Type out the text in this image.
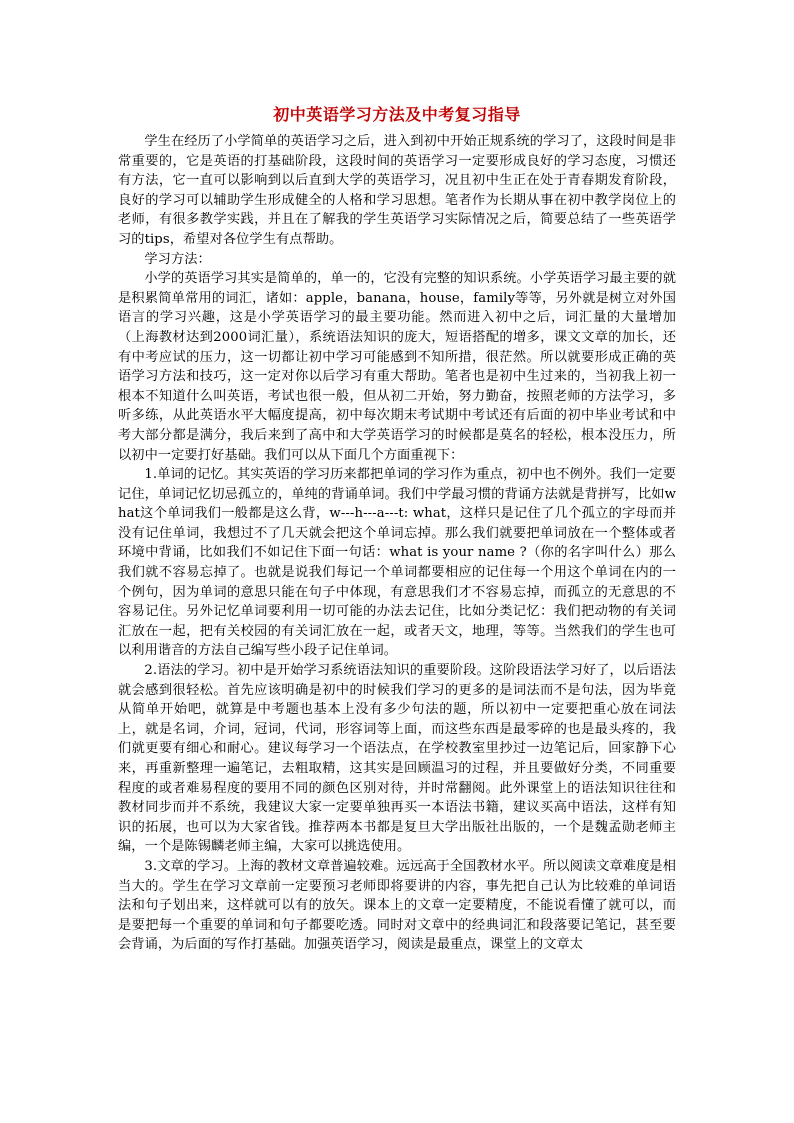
初中英语学习方法及中考复习指导

学生在经历了小学简单的英语学习之后，进入到初中开始正规系统的学习了，这段时间是非常重要的，它是英语的打基础阶段，这段时间的英语学习一定要形成良好的学习态度，习惯还有方法，它一直可以影响到以后直到大学的英语学习，况且初中生正在处于青春期发育阶段，良好的学习可以辅助学生形成健全的人格和学习思想。笔者作为长期从事在初中教学岗位上的老师，有很多教学实践，并且在了解我的学生英语学习实际情况之后，简要总结了一些英语学习的tips，希望对各位学生有点帮助。

学习方法：

小学的英语学习其实是简单的，单一的，它没有完整的知识系统。小学英语学习最主要的就是积累简单常用的词汇，诸如：apple，banana，house，family等等，另外就是树立对外国语言的学习兴趣，这是小学英语学习的最主要功能。然而进入初中之后，词汇量的大量增加（上海教材达到2000词汇量），系统语法知识的庞大，短语搭配的增多，课文文章的加长，还有中考应试的压力，这一切都让初中学习可能感到不知所措，很茫然。所以就要形成正确的英语学习方法和技巧，这一定对你以后学习有重大帮助。笔者也是初中生过来的，当初我上初一根本不知道什么叫英语，考试也很一般，但从初二开始，努力勤奋，按照老师的方法学习，多听多练，从此英语水平大幅度提高，初中每次期末考试期中考试还有后面的初中毕业考试和中考大部分都是满分，我后来到了高中和大学英语学习的时候都是莫名的轻松，根本没压力，所以初中一定要打好基础。我们可以从下面几个方面重视下：

1.单词的记忆。其实英语的学习历来都把单词的学习作为重点，初中也不例外。我们一定要记住，单词记忆切忌孤立的，单纯的背诵单词。我们中学最习惯的背诵方法就是背拼写，比如what这个单词我们一般都是这么背，w---h---a---t: what，这样只是记住了几个孤立的字母而并没有记住单词，我想过不了几天就会把这个单词忘掉。那么我们就要把单词放在一个整体或者环境中背诵，比如我们不如记住下面一句话：what is your name ?（你的名字叫什么）那么我们就不容易忘掉了。也就是说我们每记一个单词都要相应的记住每一个用这个单词在内的一个例句，因为单词的意思只能在句子中体现，有意思我们才不容易忘掉，而孤立的无意思的不容易记住。另外记忆单词要利用一切可能的办法去记住，比如分类记忆：我们把动物的有关词汇放在一起，把有关校园的有关词汇放在一起，或者天文，地理，等等。当然我们的学生也可以利用谐音的方法自己编写些小段子记住单词。

2.语法的学习。初中是开始学习系统语法知识的重要阶段。这阶段语法学习好了，以后语法就会感到很轻松。首先应该明确是初中的时候我们学习的更多的是词法而不是句法，因为毕竟从简单开始吧，就算是中考题也基本上没有多少句法的题，所以初中一定要把重心放在词法上，就是名词，介词，冠词，代词，形容词等上面，而这些东西是最零碎的也是最头疼的，我们就更要有细心和耐心。建议每学习一个语法点，在学校教室里抄过一边笔记后，回家静下心来，再重新整理一遍笔记，去粗取精，这其实是回顾温习的过程，并且要做好分类，不同重要程度的或者难易程度的要用不同的颜色区别对待，并时常翻阅。此外课堂上的语法知识往往和教材同步而并不系统，我建议大家一定要单独再买一本语法书籍，建议买高中语法，这样有知识的拓展，也可以为大家省钱。推荐两本书都是复旦大学出版社出版的，一个是魏孟勋老师主编，一个是陈锡麟老师主编，大家可以挑选使用。

3.文章的学习。上海的教材文章普遍较难。远远高于全国教材水平。所以阅读文章难度是相当大的。学生在学习文章前一定要预习老师即将要讲的内容，事先把自己认为比较难的单词语法和句子划出来，这样就可以有的放矢。课本上的文章一定要精度，不能说看懂了就可以，而是要把每一个重要的单词和句子都要吃透。同时对文章中的经典词汇和段落要记笔记，甚至要会背诵，为后面的写作打基础。加强英语学习，阅读是最重点，课堂上的文章太
